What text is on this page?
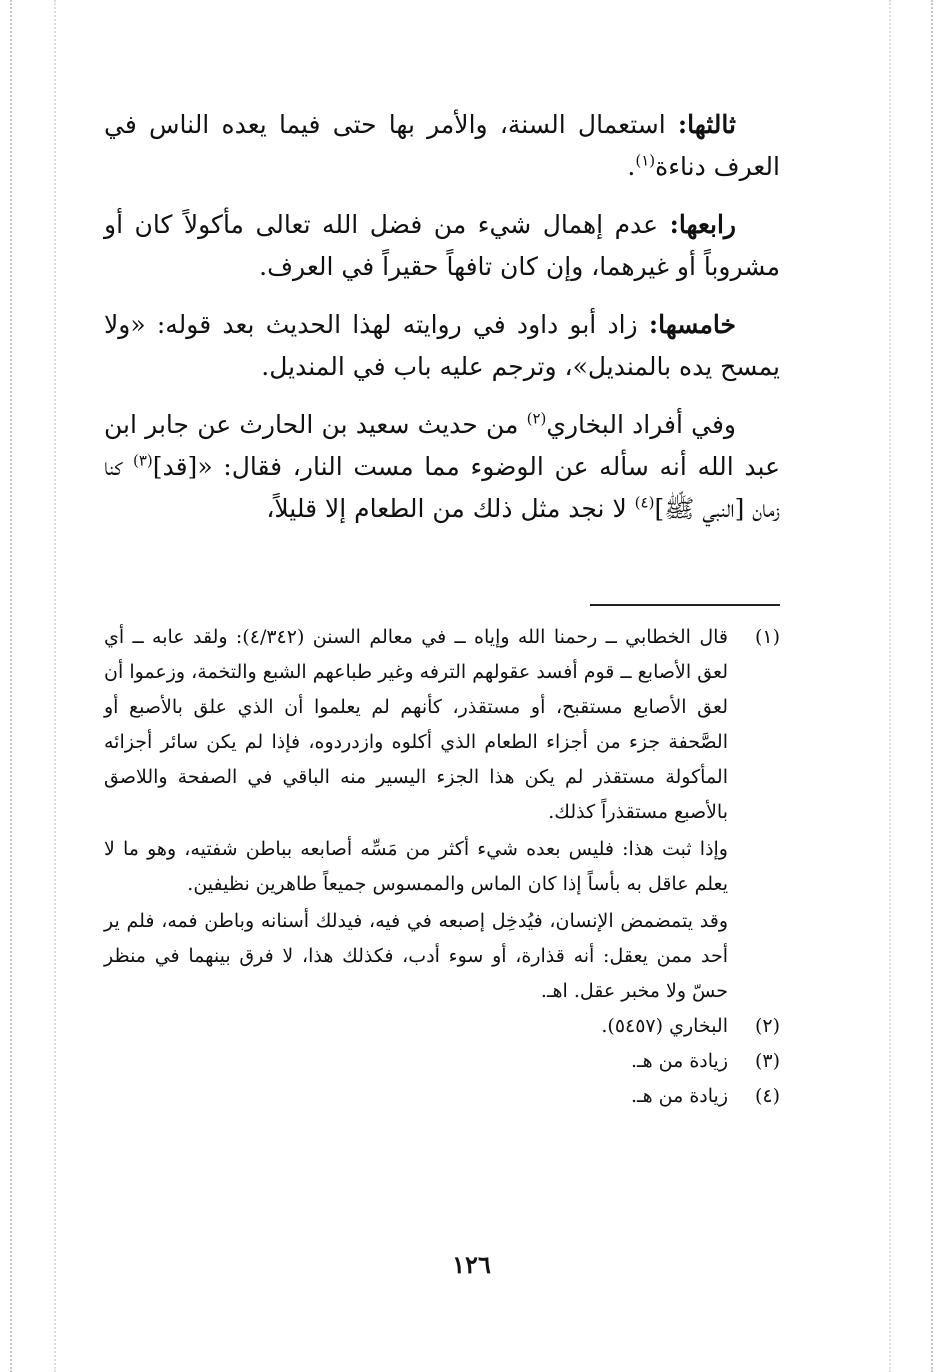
ثالثها: استعمال السنة، والأمر بها حتى فيما يعده الناس في العرف دناءة$^{(١)}$.

رابعها: عدم إهمال شيء من فضل الله تعالى مأكولاً كان أو مشروباً أو غيرهما، وإن كان تافهاً حقيراً في العرف.

خامسها: زاد أبو داود في روايته لهذا الحديث بعد قوله: «ولا يمسح يده بالمنديل»، وترجم عليه باب في المنديل.

وفي أفراد البخاري$^{(٢)}$ من حديث سعيد بن الحارث عن جابر ابن عبد الله أنه سأله عن الوضوء مما مست النار، فقال: «[قد]$^{(٣)}$ كنا زمان [النبي ﷺ]$^{(٤)}$ لا نجد مثل ذلك من الطعام إلا قليلاً،

(١)

قال الخطابي ــ رحمنا الله وإياه ــ في معالم السنن (٤/٣٤٢): ولقد عابه ــ أي لعق الأصابع ــ قوم أفسد عقولهم الترفه وغير طباعهم الشبع والتخمة، وزعموا أن لعق الأصابع مستقبح، أو مستقذر، كأنهم لم يعلموا أن الذي علق بالأصبع أو الصَّحفة جزء من أجزاء الطعام الذي أكلوه وازدردوه، فإذا لم يكن سائر أجزائه المأكولة مستقذر لم يكن هذا الجزء اليسير منه الباقي في الصفحة واللاصق بالأصبع مستقذراً كذلك.

وإذا ثبت هذا: فليس بعده شيء أكثر من مَسِّه أصابعه بباطن شفتيه، وهو ما لا يعلم عاقل به بأساً إذا كان الماس والممسوس جميعاً طاهرين نظيفين.

وقد يتمضمض الإنسان، فيُدخِل إصبعه في فيه، فيدلك أسنانه وباطن فمه، فلم ير أحد ممن يعقل: أنه قذارة، أو سوء أدب، فكذلك هذا، لا فرق بينهما في منظر حسّ ولا مخبر عقل. اهـ.

(٢)

البخاري (٥٤٥٧).

(٣)

زيادة من هـ.

(٤)

زيادة من هـ.

١٢٦
